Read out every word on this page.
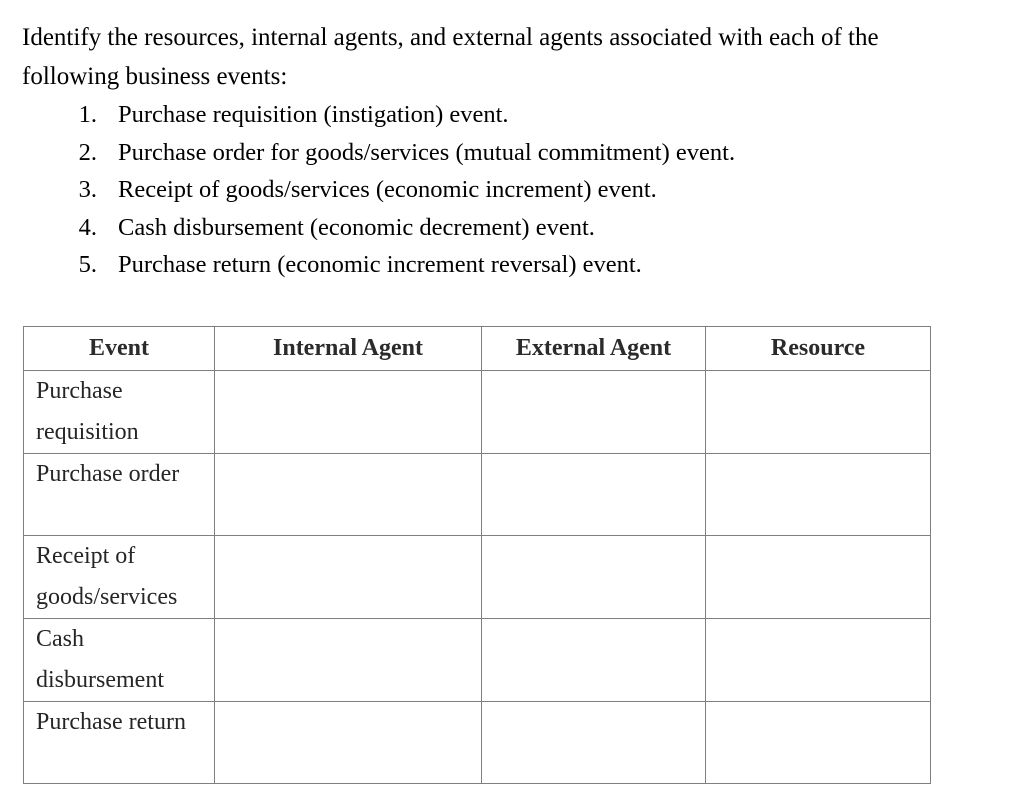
Identify the resources, internal agents, and external agents associated with each of the following business events:

1. Purchase requisition (instigation) event.
2. Purchase order for goods/services (mutual commitment) event.
3. Receipt of goods/services (economic increment) event.
4. Cash disbursement (economic decrement) event.
5. Purchase return (economic increment reversal) event.
Event	Internal Agent	External Agent	Resource

Purchase requisition			

Purchase order			

Receipt of goods/services			

Cash disbursement			

Purchase return			
